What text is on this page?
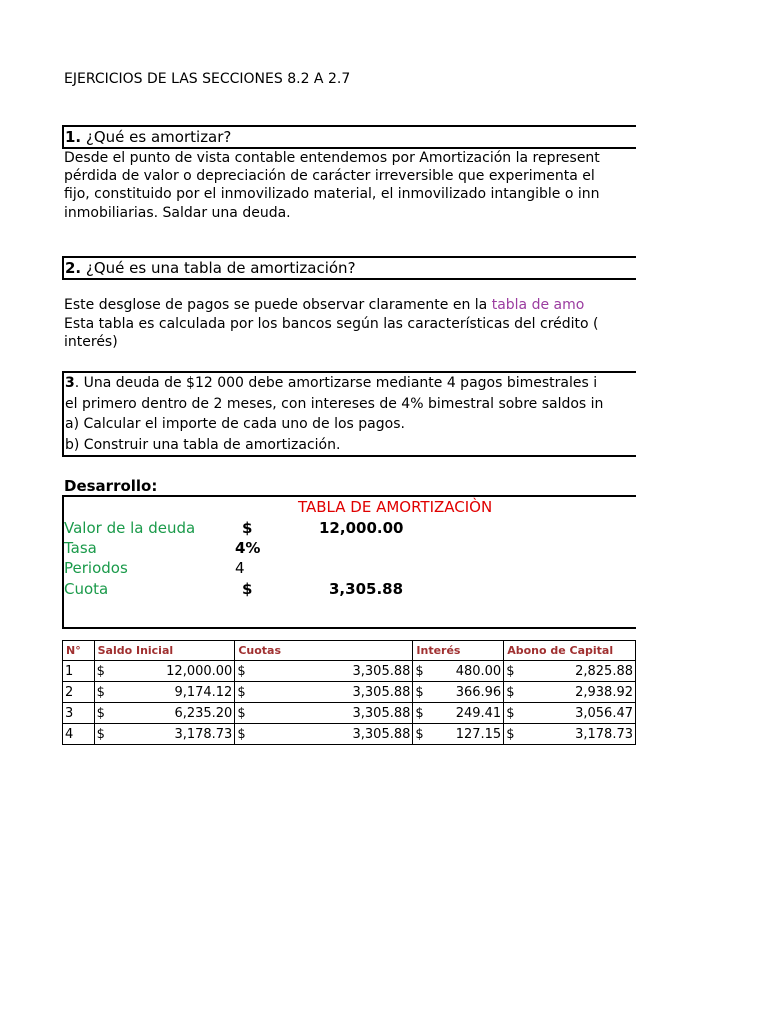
EJERCICIOS DE LAS SECCIONES 8.2 A 2.7
1. ¿Qué es amortizar?
Desde el punto de vista contable entendemos por Amortización la represent
pérdida de valor o depreciación de carácter irreversible que experimenta el
fijo, constituido por el inmovilizado material, el inmovilizado intangible o inn
inmobiliarias. Saldar una deuda.
2. ¿Qué es una tabla de amortización?
Este desglose de pagos se puede observar claramente en la tabla de amo
Esta tabla es calculada por los bancos según las características del crédito (
interés)
3. Una deuda de $12 000 debe amortizarse mediante 4 pagos bimestrales i
el primero dentro de 2 meses, con intereses de 4% bimestral sobre saldos in
a) Calcular el importe de cada uno de los pagos.
b) Construir una tabla de amortización.
Desarrollo:
TABLA DE AMORTIZACIÒN
Valor de la deuda	$	12,000.00
Tasa	4%
Periodos	4
Cuota	$	3,305.88
N°	Saldo Inicial	Cuotas	Interés	Abono de Capital
1	$ 12,000.00	$ 3,305.88	$ 480.00	$ 2,825.88

2	$ 9,174.12	$ 3,305.88	$ 366.96	$ 2,938.92

3	$ 6,235.20	$ 3,305.88	$ 249.41	$ 3,056.47

4	$ 3,178.73	$ 3,305.88	$ 127.15	$ 3,178.73
